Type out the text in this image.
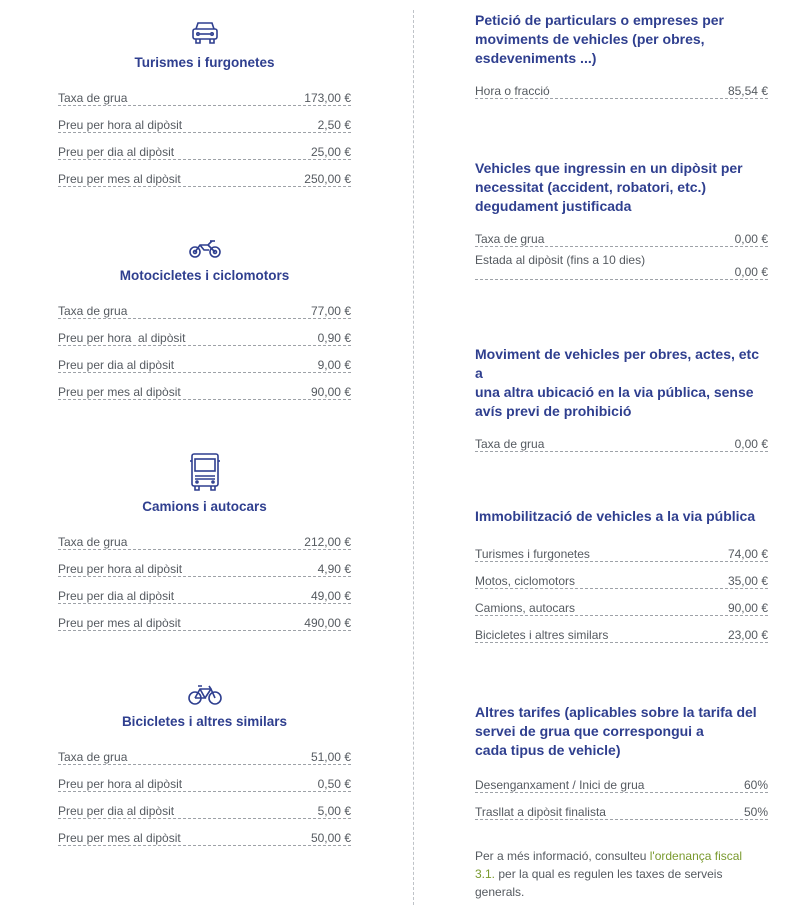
Turismes i furgonetes
Taxa de grua	173,00 €
Preu per hora al dipòsit	2,50 €
Preu per dia al dipòsit	25,00 €
Preu per mes al dipòsit	250,00 €
Motocicletes i ciclomotors
Taxa de grua	77,00 €
Preu per hora  al dipòsit	0,90 €
Preu per dia al dipòsit	9,00 €
Preu per mes al dipòsit	90,00 €
Camions i autocars
Taxa de grua	212,00 €
Preu per hora al dipòsit	4,90 €
Preu per dia al dipòsit	49,00 €
Preu per mes al dipòsit	490,00 €
Bicicletes i altres similars
Taxa de grua	51,00 €
Preu per hora al dipòsit	0,50 €
Preu per dia al dipòsit	5,00 €
Preu per mes al dipòsit	50,00 €
Petició de particulars o empreses per
moviments de vehicles (per obres,
esdeveniments ...)
Hora o fracció	85,54 €
Vehicles que ingressin en un dipòsit per
necessitat (accident, robatori, etc.)
degudament justificada
Taxa de grua	0,00 €
Estada al dipòsit (fins a 10 dies)
0,00 €
Moviment de vehicles per obres, actes, etc a
una altra ubicació en la via pública, sense
avís previ de prohibició
Taxa de grua	0,00 €
Immobilització de vehicles a la via pública
Turismes i furgonetes	74,00 €
Motos, ciclomotors	35,00 €
Camions, autocars	90,00 €
Bicicletes i altres similars	23,00 €
Altres tarifes (aplicables sobre la tarifa del
servei de grua que correspongui a
cada tipus de vehicle)
Desenganxament / Inici de grua	60%
Trasllat a dipòsit finalista	50%
Per a més informació, consulteu l'ordenança fiscal 3.1. per la qual es regulen les taxes de serveis generals.
